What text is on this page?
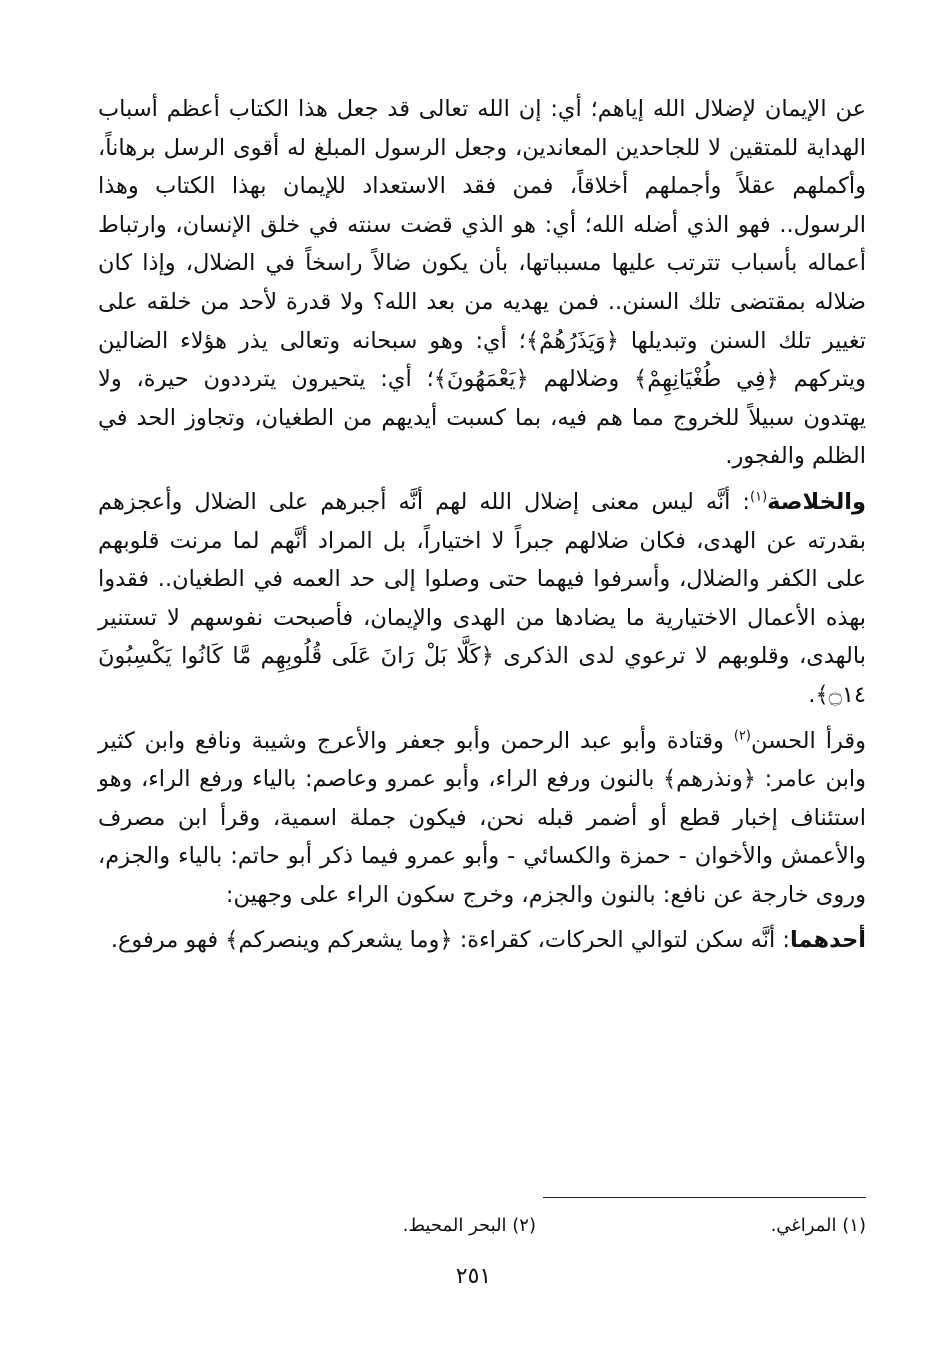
عن الإيمان لإضلال الله إياهم؛ أي: إن الله تعالى قد جعل هذا الكتاب أعظم أسباب الهداية للمتقين لا للجاحدين المعاندين، وجعل الرسول المبلغ له أقوى الرسل برهاناً، وأكملهم عقلاً وأجملهم أخلاقاً، فمن فقد الاستعداد للإيمان بهذا الكتاب وهذا الرسول.. فهو الذي أضله الله؛ أي: هو الذي قضت سنته في خلق الإنسان، وارتباط أعماله بأسباب تترتب عليها مسبباتها، بأن يكون ضالاً راسخاً في الضلال، وإذا كان ضلاله بمقتضى تلك السنن.. فمن يهديه من بعد الله؟ ولا قدرة لأحد من خلقه على تغيير تلك السنن وتبديلها ﴿وَيَذَرُهُمْ﴾؛ أي: وهو سبحانه وتعالى يذر هؤلاء الضالين ويتركهم ﴿فِي طُغْيَانِهِمْ﴾ وضلالهم ﴿يَعْمَهُونَ﴾؛ أي: يتحيرون يترددون حيرة، ولا يهتدون سبيلاً للخروج مما هم فيه، بما كسبت أيديهم من الطغيان، وتجاوز الحد في الظلم والفجور.

والخلاصة$^{(١)}$: أنَّه ليس معنى إضلال الله لهم أنَّه أجبرهم على الضلال وأعجزهم بقدرته عن الهدى، فكان ضلالهم جبراً لا اختياراً، بل المراد أنَّهم لما مرنت قلوبهم على الكفر والضلال، وأسرفوا فيهما حتى وصلوا إلى حد العمه في الطغيان.. فقدوا بهذه الأعمال الاختيارية ما يضادها من الهدى والإيمان، فأصبحت نفوسهم لا تستنير بالهدى، وقلوبهم لا ترعوي لدى الذكرى ﴿كَلَّا بَلْ رَانَ عَلَى قُلُوبِهِم مَّا كَانُوا يَكْسِبُونَ ۝١٤﴾.

وقرأ الحسن$^{(٢)}$ وقتادة وأبو عبد الرحمن وأبو جعفر والأعرج وشيبة ونافع وابن كثير وابن عامر: ﴿ونذرهم﴾ بالنون ورفع الراء، وأبو عمرو وعاصم: بالياء ورفع الراء، وهو استئناف إخبار قطع أو أضمر قبله نحن، فيكون جملة اسمية، وقرأ ابن مصرف والأعمش والأخوان - حمزة والكسائي - وأبو عمرو فيما ذكر أبو حاتم: بالياء والجزم، وروى خارجة عن نافع: بالنون والجزم، وخرج سكون الراء على وجهين:

أحدهما: أنَّه سكن لتوالي الحركات، كقراءة: ﴿وما يشعركم وينصركم﴾ فهو مرفوع.

(١) المراغي.
(٢) البحر المحيط.
٢٥١
